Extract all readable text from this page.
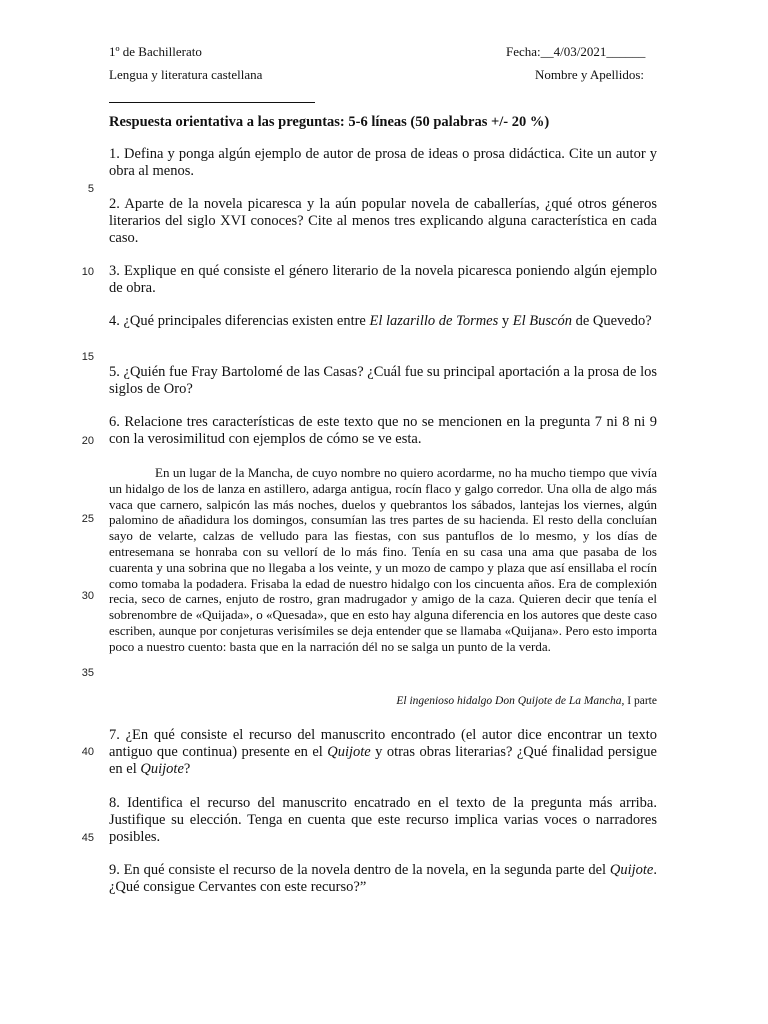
1º de Bachillerato
Lengua y literatura castellana
Fecha:__4/03/2021______
Nombre y Apellidos:
Respuesta orientativa a las preguntas: 5-6 líneas (50 palabras +/- 20 %)
1. Defina y ponga algún ejemplo de autor de prosa de ideas o prosa didáctica. Cite un autor y obra al menos.
2. Aparte de la novela picaresca y la aún popular novela de caballerías, ¿qué otros géneros literarios del siglo XVI conoces? Cite al menos tres explicando alguna característica en cada caso.
3. Explique en qué consiste el género literario de la novela picaresca poniendo algún ejemplo de obra.
4. ¿Qué principales diferencias existen entre El lazarillo de Tormes y El Buscón de Quevedo?
5. ¿Quién fue Fray Bartolomé de las Casas? ¿Cuál fue su principal aportación a la prosa de los siglos de Oro?
6. Relacione tres características de este texto que no se mencionen en la pregunta 7 ni 8 ni 9 con la verosimilitud con ejemplos de cómo se ve esta.
En un lugar de la Mancha, de cuyo nombre no quiero acordarme, no ha mucho tiempo que vivía un hidalgo de los de lanza en astillero, adarga antigua, rocín flaco y galgo corredor. Una olla de algo más vaca que carnero, salpicón las más noches, duelos y quebrantos los sábados, lantejas los viernes, algún palomino de añadidura los domingos, consumían las tres partes de su hacienda. El resto della concluían sayo de velarte, calzas de velludo para las fiestas, con sus pantuflos de lo mesmo, y los días de entresemana se honraba con su vellorí de lo más fino. Tenía en su casa una ama que pasaba de los cuarenta y una sobrina que no llegaba a los veinte, y un mozo de campo y plaza que así ensillaba el rocín como tomaba la podadera. Frisaba la edad de nuestro hidalgo con los cincuenta años. Era de complexión recia, seco de carnes, enjuto de rostro, gran madrugador y amigo de la caza. Quieren decir que tenía el sobrenombre de «Quijada», o «Quesada», que en esto hay alguna diferencia en los autores que deste caso escriben, aunque por conjeturas verisímiles se deja entender que se llamaba «Quijana». Pero esto importa poco a nuestro cuento: basta que en la narración dél no se salga un punto de la verda.
El ingenioso hidalgo Don Quijote de La Mancha, I parte
7. ¿En qué consiste el recurso del manuscrito encontrado (el autor dice encontrar un texto antiguo que continua) presente en el Quijote y otras obras literarias? ¿Qué finalidad persigue en el Quijote?
8. Identifica el recurso del manuscrito encatrado en el texto de la pregunta más arriba. Justifique su elección. Tenga en cuenta que este recurso implica varias voces o narradores posibles.
9. En qué consiste el recurso de la novela dentro de la novela, en la segunda parte del Quijote. ¿Qué consigue Cervantes con este recurso?”
5
10
15
20
25
30
35
40
45
